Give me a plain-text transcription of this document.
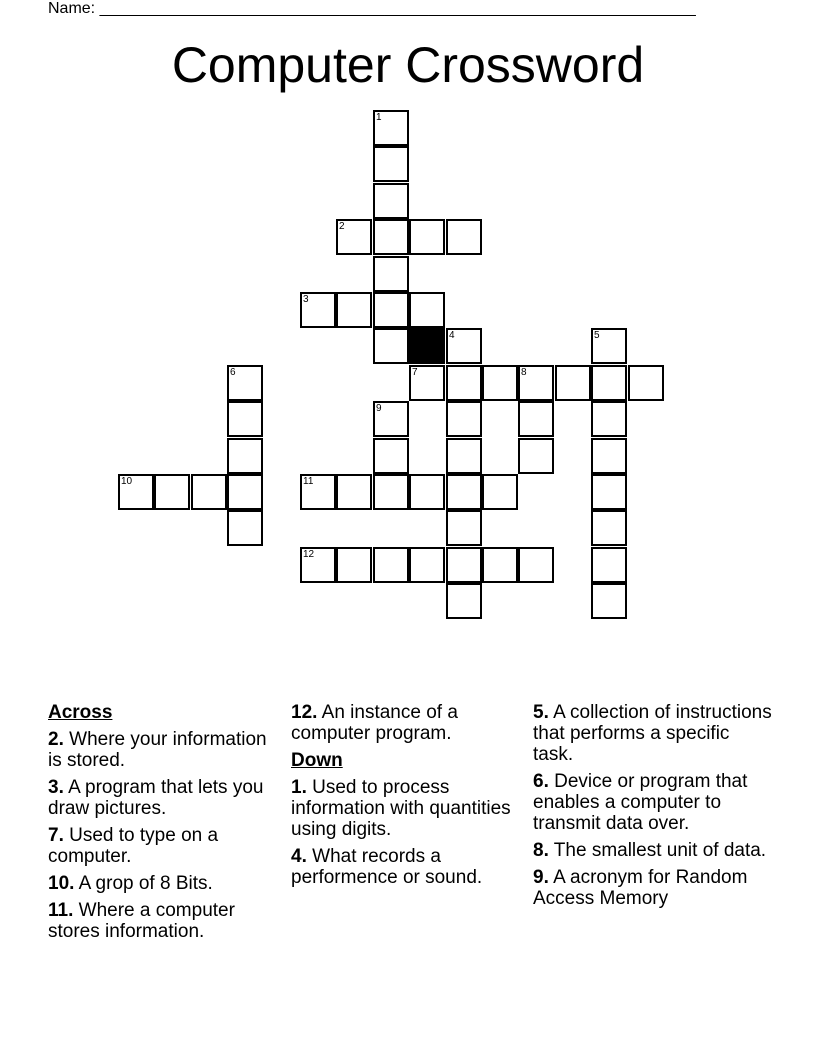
Name: ___________________________________________________________________
Computer Crossword
1
2
3
4	5
6	7	8
9
10	11
12
Across
2. Where your information is stored.
3. A program that lets you draw pictures.
7. Used to type on a computer.
10. A grop of 8 Bits.
11. Where a computer stores information.
12. An instance of a computer program.
Down
1. Used to process information with quantities using digits.
4. What records a performence or sound.
5. A collection of instructions that performs a specific task.
6. Device or program that enables a computer to transmit data over.
8. The smallest unit of data.
9. A acronym for Random Access Memory
